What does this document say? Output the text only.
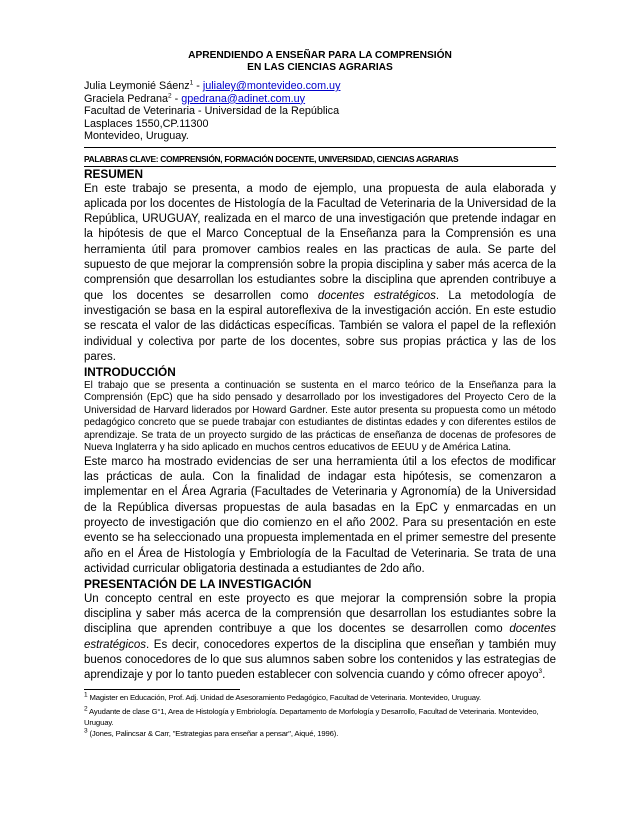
APRENDIENDO A ENSEÑAR PARA LA COMPRENSIÓN
EN LAS CIENCIAS AGRARIAS
Julia Leymonié Sáenz$^1$ - julialey@montevideo.com.uy
Graciela Pedrana$^2$ - gpedrana@adinet.com.uy
Facultad de Veterinaria - Universidad de la República
Lasplaces 1550,CP.11300
Montevideo, Uruguay.
PALABRAS CLAVE: COMPRENSIÓN, FORMACIÓN DOCENTE, UNIVERSIDAD, CIENCIAS AGRARIAS
RESUMEN

En este trabajo se presenta, a modo de ejemplo, una propuesta de aula elaborada y aplicada por los docentes de Histología de la Facultad de Veterinaria de la Universidad de la República, URUGUAY, realizada en el marco de una investigación que pretende indagar en la hipótesis de que el Marco Conceptual de la Enseñanza para la Comprensión es una herramienta útil para promover cambios reales en las practicas de aula. Se parte del supuesto de que mejorar la comprensión sobre la propia disciplina y saber más acerca de la comprensión que desarrollan los estudiantes sobre la disciplina que aprenden contribuye a que los docentes se desarrollen como docentes estratégicos. La metodología de investigación se basa en la espiral autoreflexiva de la investigación acción. En este estudio se rescata el valor de las didácticas específicas. También se valora el papel de la reflexión individual y colectiva por parte de los docentes, sobre sus propias práctica y las de los pares.

INTRODUCCIÓN

El trabajo que se presenta a continuación se sustenta en el marco teórico de la Enseñanza para la Comprensión (EpC) que ha sido pensado y desarrollado por los investigadores del Proyecto Cero de la Universidad de Harvard liderados por Howard Gardner. Este autor presenta su propuesta como un método pedagógico concreto que se puede trabajar con estudiantes de distintas edades y con diferentes estilos de aprendizaje. Se trata de un proyecto surgido de las prácticas de enseñanza de docenas de profesores de Nueva Inglaterra y ha sido aplicado en muchos centros educativos de EEUU y de América Latina.

Este marco ha mostrado evidencias de ser una herramienta útil a los efectos de modificar las prácticas de aula. Con la finalidad de indagar esta hipótesis, se comenzaron a implementar en el Área Agraria (Facultades de Veterinaria y Agronomía) de la Universidad de la República diversas propuestas de aula basadas en la EpC y enmarcadas en un proyecto de investigación que dio comienzo en el año 2002. Para su presentación en este evento se ha seleccionado una propuesta implementada en el primer semestre del presente año en el Área de Histología y Embriología de la Facultad de Veterinaria. Se trata de una actividad curricular obligatoria destinada a estudiantes de 2do año.

PRESENTACIÓN DE LA INVESTIGACIÓN

Un concepto central en este proyecto es que mejorar la comprensión sobre la propia disciplina y saber más acerca de la comprensión que desarrollan los estudiantes sobre la disciplina que aprenden contribuye a que los docentes se desarrollen como docentes estratégicos. Es decir, conocedores expertos de la disciplina que enseñan y también muy buenos conocedores de lo que sus alumnos saben sobre los contenidos y las estrategias de aprendizaje y por lo tanto pueden establecer con solvencia cuando y cómo ofrecer apoyo$^3$.

$^1$ Magister en Educación, Prof. Adj. Unidad de Asesoramiento Pedagógico, Facultad de Veterinaria. Montevideo, Uruguay.
$^2$ Ayudante de clase G°1, Area de Histología y Embriología. Departamento de Morfología y Desarrollo, Facultad de Veterinaria. Montevideo, Uruguay.
$^3$ (Jones, Palincsar & Carr, "Estrategias para enseñar a pensar", Aiqué, 1996).
